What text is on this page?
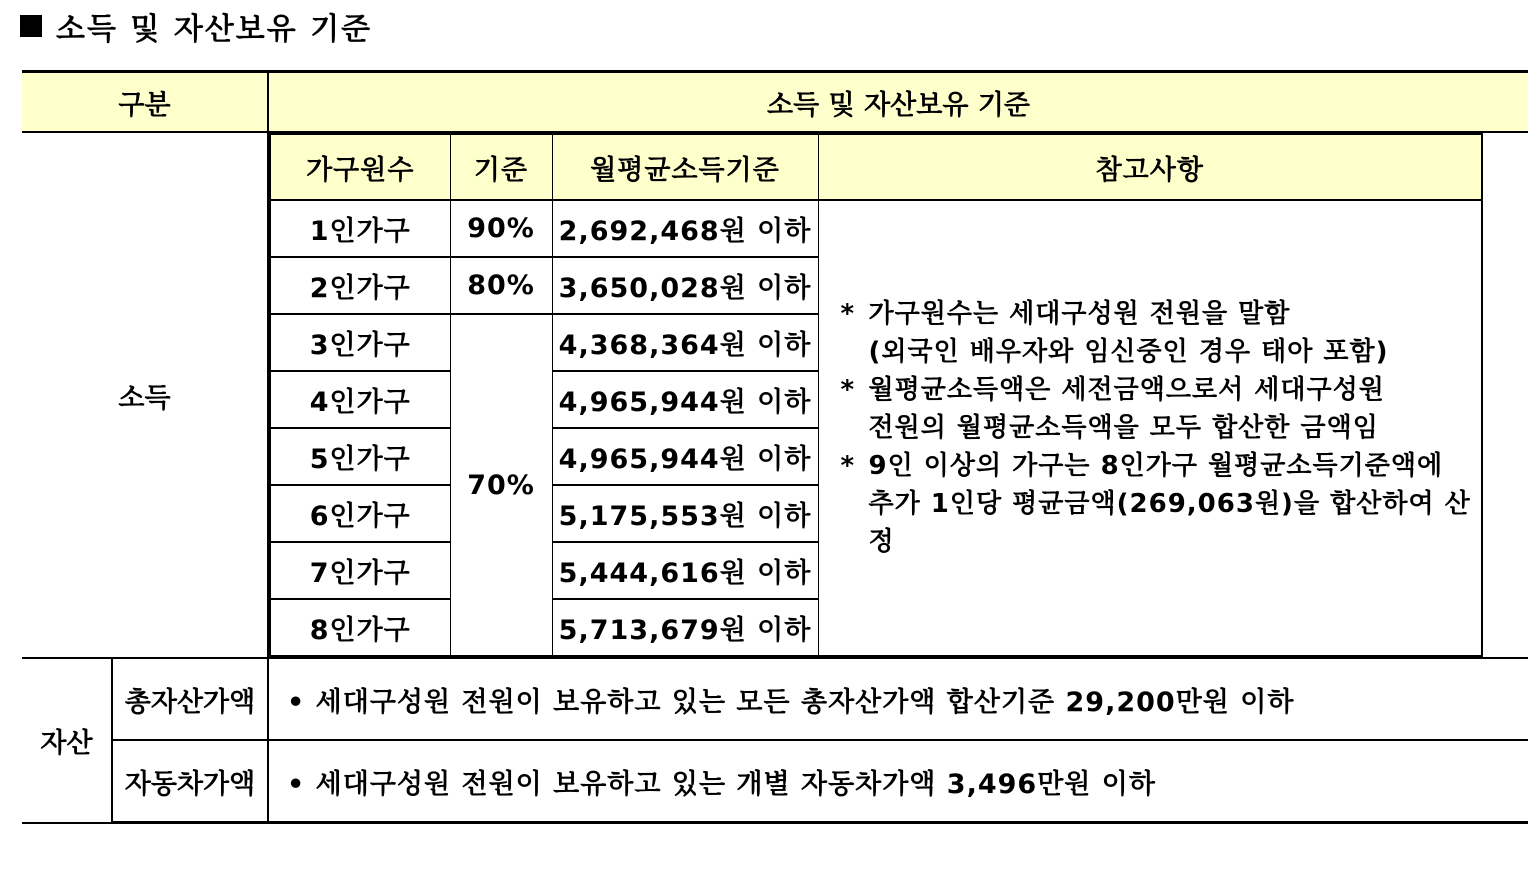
소득 및 자산보유 기준
구분	소득 및 자산보유 기준
소득	
가구원수	기준	월평균소득기준	참고사항
1인가구	90%	2,692,468원 이하	
* 가구원수는 세대구성원 전원을 말함
(외국인 배우자와 임신중인 경우 태아 포함)
* 월평균소득액은 세전금액으로서 세대구성원
전원의 월평균소득액을 모두 합산한 금액임
* 9인 이상의 가구는 8인가구 월평균소득기준액에
추가 1인당 평균금액(269,063원)을 합산하여 산정

2인가구	80%	3,650,028원 이하
3인가구	70%	4,368,364원 이하
4인가구	4,965,944원 이하
5인가구	4,965,944원 이하
6인가구	5,175,553원 이하
7인가구	5,444,616원 이하
8인가구	5,713,679원 이하

자산	총자산가액	• 세대구성원 전원이 보유하고 있는 모든 총자산가액 합산기준 29,200만원 이하
자동차가액	• 세대구성원 전원이 보유하고 있는 개별 자동차가액 3,496만원 이하
